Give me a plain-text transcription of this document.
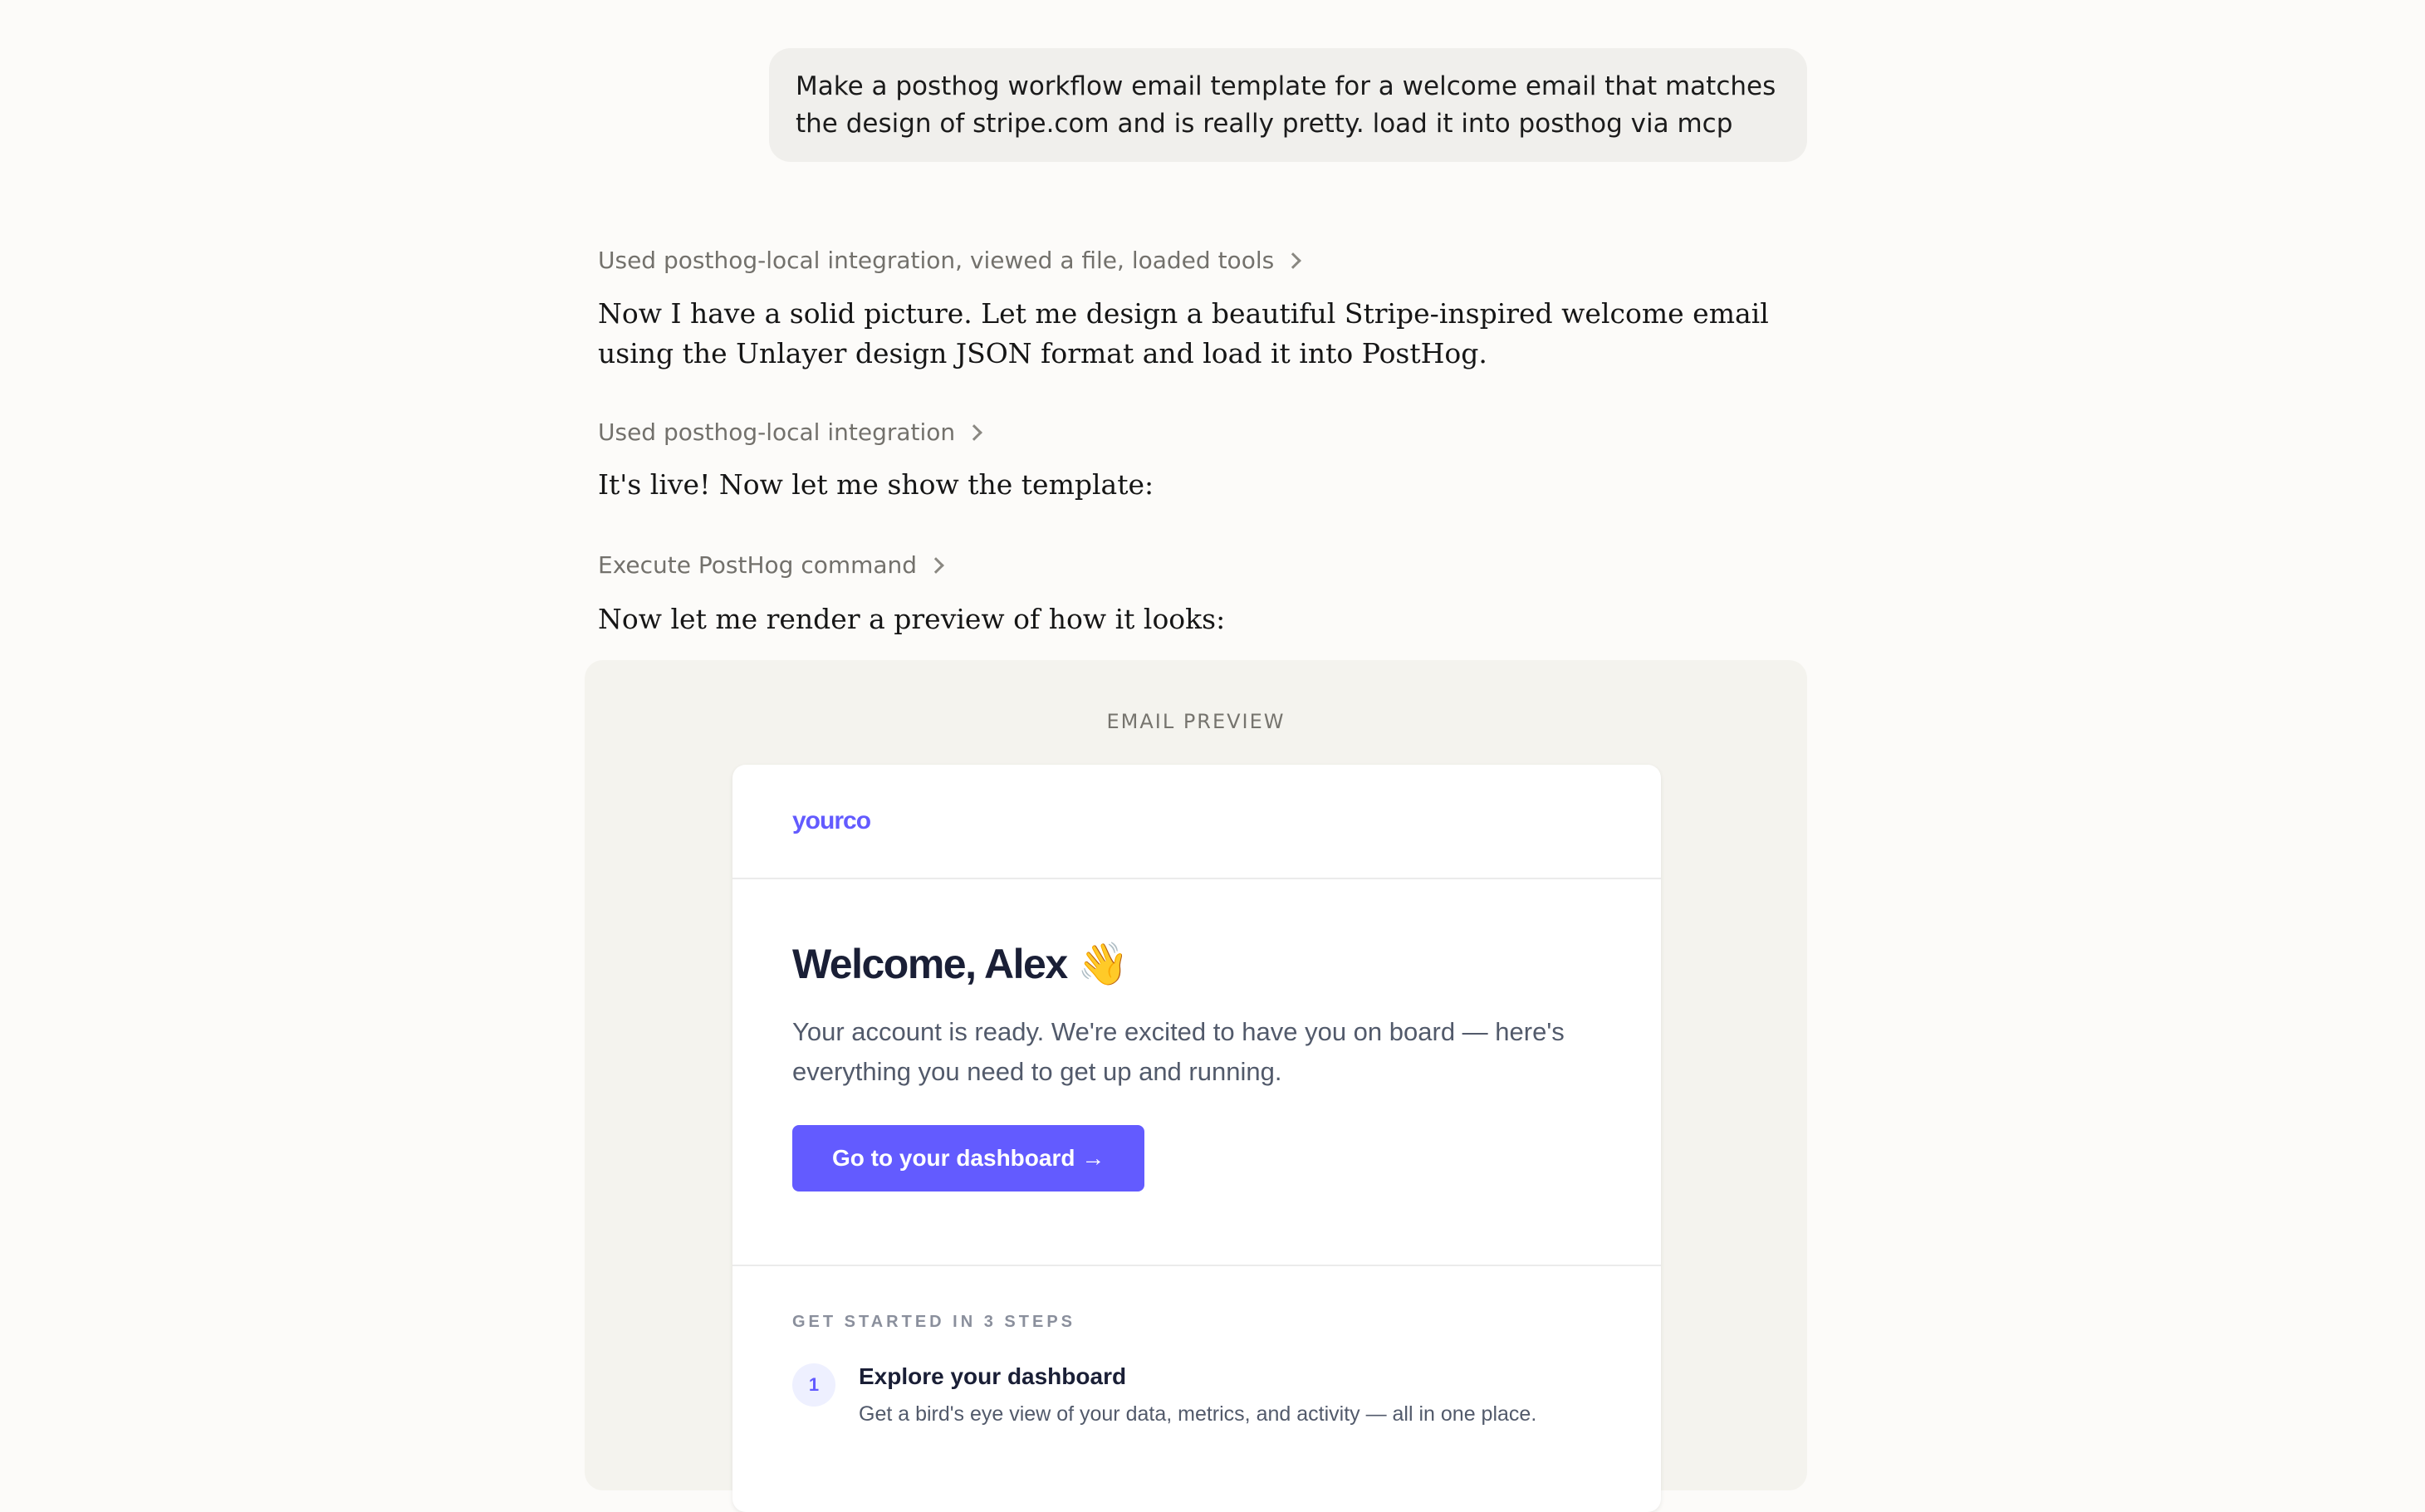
Make a posthog workflow email template for a welcome email that matches the design of stripe.com and is really pretty. load it into posthog via mcp
Used posthog-local integration, viewed a file, loaded tools
Now I have a solid picture. Let me design a beautiful Stripe-inspired welcome email using the Unlayer design JSON format and load it into PostHog.
Used posthog-local integration
It's live! Now let me show the template:
Execute PostHog command
Now let me render a preview of how it looks:
EMAIL PREVIEW
yourco
Welcome, Alex 👋
Your account is ready. We're excited to have you on board — here's everything you need to get up and running.
Go to your dashboard →
GET STARTED IN 3 STEPS
1	Explore your dashboard
Get a bird's eye view of your data, metrics, and activity — all in one place.
